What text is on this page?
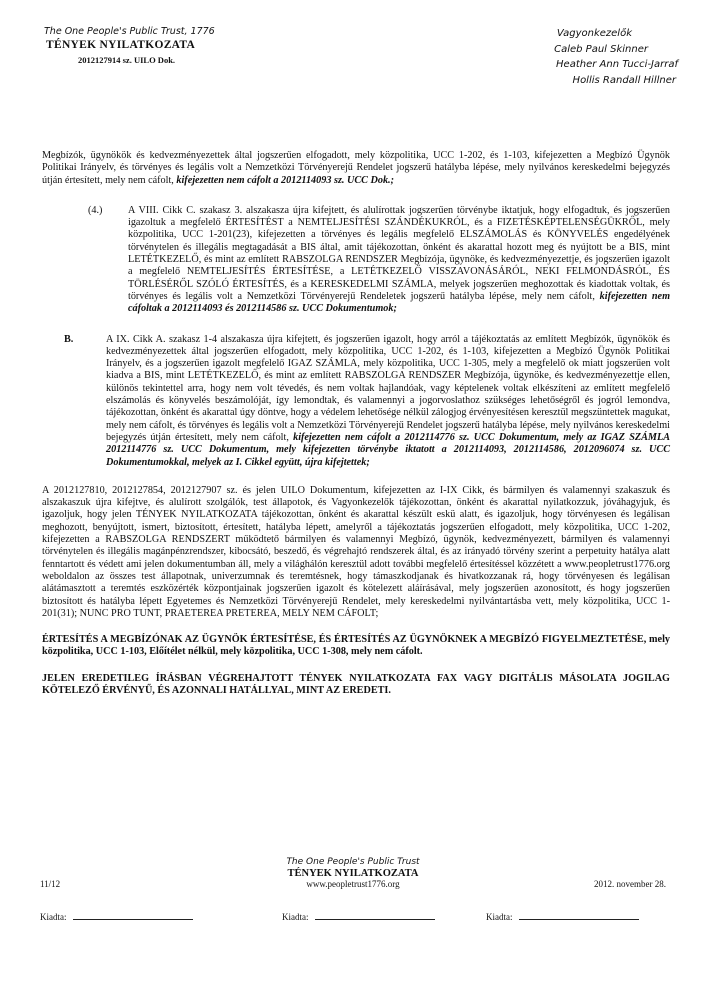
The One People's Public Trust, 1776
TÉNYEK NYILATKOZATA
2012127914 sz. UILO Dok.
Vagyonkezelők
Caleb Paul Skinner
Heather Ann Tucci-Jarraf
Hollis Randall Hillner

Megbízók, ügynökök és kedvezményezettek által jogszerűen elfogadott, mely közpolitika, UCC 1-202, és 1-103, kifejezetten a Megbízó Ügynök Politikai Irányelv, és törvényes és legális volt a Nemzetközi Törvényerejű Rendelet jogszerű hatályba lépése, mely nyilvános kereskedelmi bejegyzés útján értesített, mely nem cáfolt, kifejezetten nem cáfolt a 2012114093 sz. UCC Dok.;

(4.)	A VIII. Cikk C. szakasz 3. alszakasza újra kifejtett, és alulírottak jogszerűen törvénybe iktatjuk, hogy elfogadtuk, és jogszerűen igazoltuk a megfelelő ÉRTESÍTÉST a NEMTELJESÍTÉSI SZÁNDÉKUKRÓL, és a FIZETÉSKÉPTELENSÉGÜKRŐL, mely közpolitika, UCC 1-201(23), kifejezetten a törvényes és legális megfelelő ELSZÁMOLÁS és KÖNYVELÉS engedélyének törvénytelen és illegális megtagadását a BIS által, amit tájékozottan, önként és akarattal hozott meg és nyújtott be a BIS, mint LETÉTKEZELŐ, és mint az említett RABSZOLGA RENDSZER Megbízója, ügynöke, és kedvezményezettje, és jogszerűen igazolt a megfelelő NEMTELJESÍTÉS ÉRTESÍTÉSE, a LETÉTKEZELŐ VISSZAVONÁSÁRÓL, NEKI FELMONDÁSRÓL, ÉS TÖRLÉSÉRŐL SZÓLÓ ÉRTESÍTÉS, és a KERESKEDELMI SZÁMLA, melyek jogszerűen meghozottak és kiadottak voltak, és törvényes és legális volt a Nemzetközi Törvényerejű Rendeletek jogszerű hatályba lépése, mely nem cáfolt, kifejezetten nem cáfoltak a 2012114093 és 2012114586 sz. UCC Dokumentumok;

B.	A IX. Cikk A. szakasz 1-4 alszakasza újra kifejtett, és jogszerűen igazolt, hogy arról a tájékoztatás az említett Megbízók, ügynökök és kedvezményezettek által jogszerűen elfogadott, mely közpolitika, UCC 1-202, és 1-103, kifejezetten a Megbízó Ügynök Politikai Irányelv, és a jogszerűen igazolt megfelelő IGAZ SZÁMLA, mely közpolitika, UCC 1-305, mely a megfelelő ok miatt jogszerűen volt kiadva a BIS, mint LETÉTKEZELŐ, és mint az említett RABSZOLGA RENDSZER Megbízója, ügynöke, és kedvezményezettje ellen, különös tekintettel arra, hogy nem volt tévedés, és nem voltak hajlandóak, vagy képtelenek voltak elkészíteni az említett megfelelő elszámolás és könyvelés beszámolóját, így lemondtak, és valamennyi a jogorvoslathoz szükséges lehetőségről és jogról lemondva, tájékozottan, önként és akarattal úgy döntve, hogy a védelem lehetősége nélkül zálogjog érvényesítésen keresztül megszüntettek magukat, mely nem cáfolt, és törvényes és legális volt a Nemzetközi Törvényerejű Rendelet jogszerű hatályba lépése, mely nyilvános kereskedelmi bejegyzés útján értesített, mely nem cáfolt, kifejezetten nem cáfolt a 2012114776 sz. UCC Dokumentum, mely az IGAZ SZÁMLA 2012114776 sz. UCC Dokumentum, mely kifejezetten törvénybe iktatott a 2012114093, 2012114586, 2012096074 sz. UCC Dokumentumokkal, melyek az I. Cikkel együtt, újra kifejtettek;

A 2012127810, 2012127854, 2012127907 sz. és jelen UILO Dokumentum, kifejezetten az I-IX Cikk, és bármilyen és valamennyi szakaszuk és alszakaszuk újra kifejtve, és alulírott szolgálók, test állapotok, és Vagyonkezelők tájékozottan, önként és akarattal nyilatkozzuk, jóváhagyjuk, és igazoljuk, hogy jelen TÉNYEK NYILATKOZATA tájékozottan, önként és akarattal készült eskü alatt, és igazoljuk, hogy törvényesen és legálisan meghozott, benyújtott, ismert, biztosított, értesített, hatályba lépett, amelyről a tájékoztatás jogszerűen elfogadott, mely közpolitika, UCC 1-202, kifejezetten a RABSZOLGA RENDSZERT működtető bármilyen és valamennyi Megbízó, ügynök, kedvezményezett, bármilyen és valamennyi törvénytelen és illegális magánpénzrendszer, kibocsátó, beszedő, és végrehajtó rendszerek által, és az irányadó törvény szerint a perpetuity hatálya alatt fenntartott és védett ami jelen dokumentumban áll, mely a világhálón keresztül adott további megfelelő értesítéssel közzétett a www.peopletrust1776.org weboldalon az összes test állapotnak, univerzumnak és teremtésnek, hogy támaszkodjanak és hivatkozzanak rá, hogy törvényesen és legálisan alátámasztott a teremtés eszközérték központjainak jogszerűen igazolt és kötelezett aláírásával, mely jogszerűen azonosított, és hogy jogszerűen biztosított és hatályba lépett Egyetemes és Nemzetközi Törvényerejű Rendelet, mely kereskedelmi nyilvántartásba vett, mely közpolitika, UCC 1-201(31); NUNC PRO TUNT, PRAETEREA PRETEREA, MELY NEM CÁFOLT;

ÉRTESÍTÉS A MEGBÍZÓNAK AZ ÜGYNÖK ÉRTESÍTÉSE, ÉS ÉRTESÍTÉS AZ ÜGYNÖKNEK A MEGBÍZÓ FIGYELMEZTETÉSE, mely közpolitika, UCC 1-103, Előítélet nélkül, mely közpolitika, UCC 1-308, mely nem cáfolt.

JELEN EREDETILEG ÍRÁSBAN VÉGREHAJTOTT TÉNYEK NYILATKOZATA FAX VAGY DIGITÁLIS MÁSOLATA JOGILAG KÖTELEZŐ ÉRVÉNYŰ, ÉS AZONNALI HATÁLLYAL, MINT AZ EREDETI.

The One People's Public Trust
TÉNYEK NYILATKOZATA
11/12	www.peopletrust1776.org	2012. november 28.
Kiadta:	Kiadta:	Kiadta:
